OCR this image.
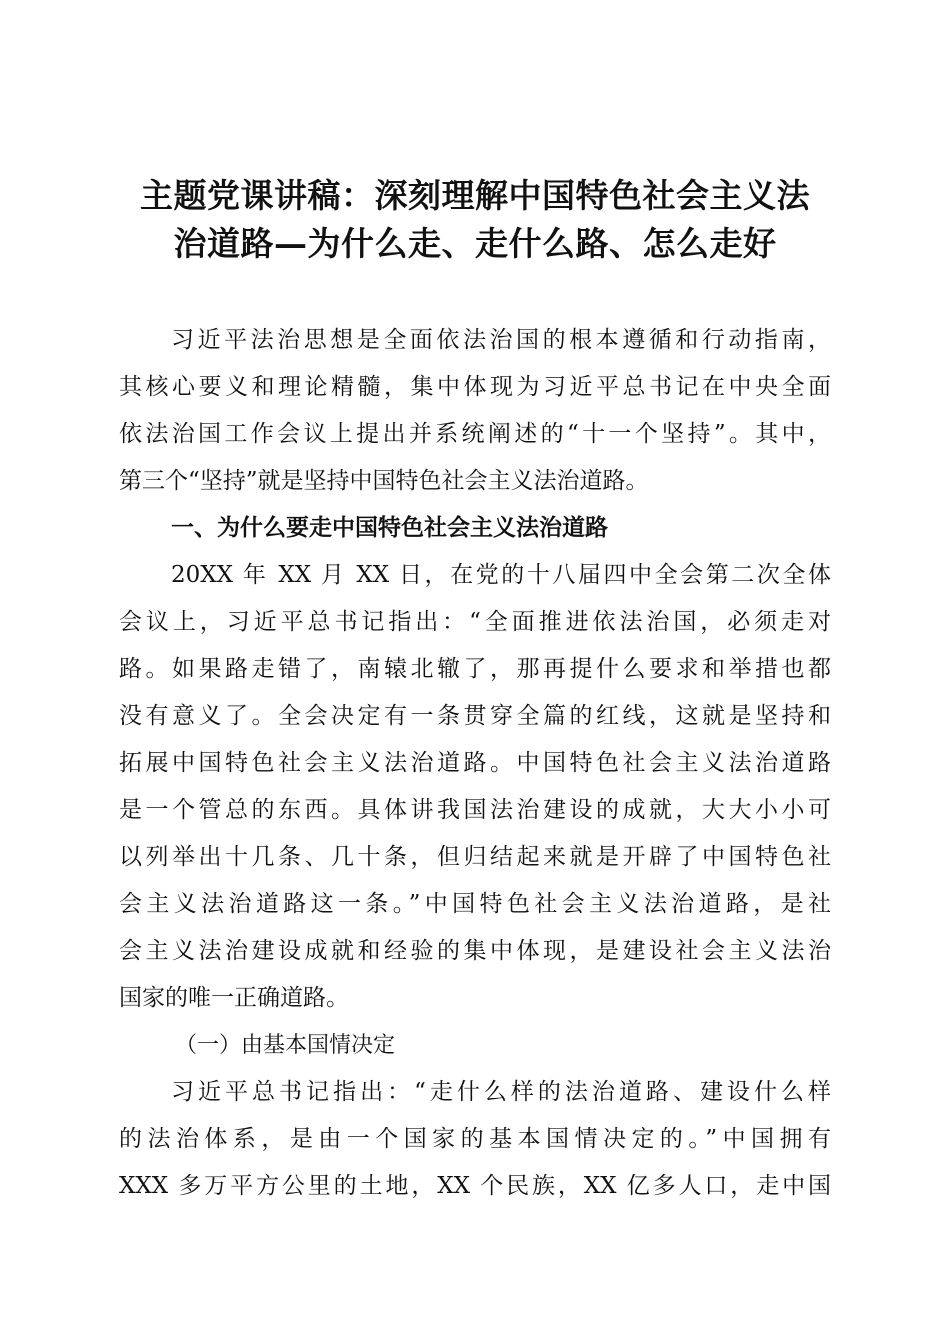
主题党课讲稿：深刻理解中国特色社会主义法
治道路—为什么走、走什么路、怎么走好
习近平法治思想是全面依法治国的根本遵循和行动指南，
其核心要义和理论精髓，集中体现为习近平总书记在中央全面
依法治国工作会议上提出并系统阐述的“十一个坚持”。其中，
第三个“坚持”就是坚持中国特色社会主义法治道路。
一、为什么要走中国特色社会主义法治道路
20XX 年 XX 月 XX 日，在党的十八届四中全会第二次全体
会议上，习近平总书记指出：“全面推进依法治国，必须走对
路。如果路走错了，南辕北辙了，那再提什么要求和举措也都
没有意义了。全会决定有一条贯穿全篇的红线，这就是坚持和
拓展中国特色社会主义法治道路。中国特色社会主义法治道路
是一个管总的东西。具体讲我国法治建设的成就，大大小小可
以列举出十几条、几十条，但归结起来就是开辟了中国特色社
会主义法治道路这一条。”中国特色社会主义法治道路，是社
会主义法治建设成就和经验的集中体现，是建设社会主义法治
国家的唯一正确道路。
（一）由基本国情决定
习近平总书记指出：“走什么样的法治道路、建设什么样
的法治体系，是由一个国家的基本国情决定的。”中国拥有
XXX 多万平方公里的土地，XX 个民族，XX 亿多人口，走中国
